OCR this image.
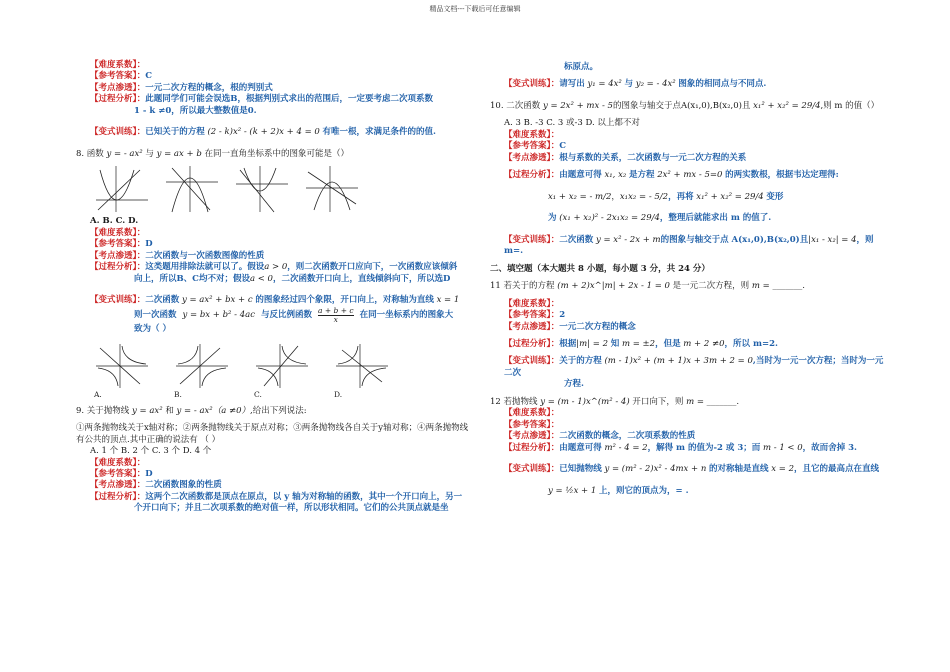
精品文档---下载后可任意编辑
【难度系数】：
【参考答案】：C
【考点渗透】：一元二次方程的概念，根的判别式
【过程分析】：此题同学们可能会误选B，根据判别式求出的范围后，一定要考虑二次项系数
1 - k ≠0，所以最大整数值是0.
【变式训练】：已知关于的方程 (2 - k)x² - (k + 2)x + 4 = 0 有唯一根，求满足条件的的值.
8. 函数 y = - ax² 与 y = ax + b 在同一直角坐标系中的图象可能是（）
A. B. C. D.
【难度系数】：
【参考答案】：D
【考点渗透】：二次函数与一次函数图像的性质
【过程分析】：这类题用排除法就可以了。假设a > 0，则二次函数开口应向下，一次函数应该倾斜
向上，所以B、C均不对；假设a < 0，二次函数开口向上，直线倾斜向下，所以选D
【变式训练】：二次函数 y = ax² + bx + c 的图象经过四个象限，开口向上，对称轴为直线 x = 1
则一次函数 y = bx + b² - 4ac 与反比例函数 a + b + c
x	在同一坐标系内的图象大
致为（ ）
A.	B.	C.	D.
9. 关于抛物线 y = ax² 和 y = - ax²（a ≠0）,给出下列说法:
①两条抛物线关于x轴对称；②两条抛物线关于原点对称；③两条抛物线各自关于y轴对称；④两条抛物线有公共的顶点.其中正确的说法有 （ ）
A. 1 个 B. 2 个 C. 3 个 D. 4 个
【难度系数】：
【参考答案】：D
【考点渗透】：二次函数图象的性质
【过程分析】：这两个二次函数都是顶点在原点，以 y 轴为对称轴的函数，其中一个开口向上，另一
个开口向下；并且二次项系数的绝对值一样，所以形状相同。它们的公共顶点就是坐
标原点。
【变式训练】：请写出 y₁ = 4x² 与 y₂ = - 4x² 图象的相同点与不同点.
10. 二次函数 y = 2x² + mx - 5的图象与轴交于点A(x₁,0),B(x₂,0)且 x₁² + x₂² = 29/4,则 m 的值（）
A. 3 B. -3 C. 3 或-3 D. 以上都不对
【难度系数】：
【参考答案】：C
【考点渗透】：根与系数的关系，二次函数与一元二次方程的关系
【过程分析】：由题意可得 x₁, x₂ 是方程 2x² + mx - 5=0 的两实数根，根据韦达定理得:
x₁ + x₂ = - m/2，x₁x₂ = - 5/2，再将 x₁² + x₂² = 29/4 变形
为 (x₁ + x₂)² - 2x₁x₂ = 29/4，整理后就能求出 m 的值了.
【变式训练】：二次函数 y = x² - 2x + m的图象与轴交于点 A(x₁,0),B(x₂,0)且|x₁ - x₂| = 4，则 m=.
二、填空题（本大题共 8 小题，每小题 3 分，共 24 分）
11 若关于的方程 (m + 2)x^|m| + 2x - 1 = 0 是一元二次方程，则 m = _______.
【难度系数】：
【参考答案】：2
【考点渗透】：一元二次方程的概念
【过程分析】：根据|m| = 2 知 m = ±2，但是 m + 2 ≠0，所以 m=2.
【变式训练】：关于的方程 (m - 1)x² + (m + 1)x + 3m + 2 = 0,当时为一元一次方程；当时为一元二次
方程.
12 若抛物线 y = (m - 1)x^(m² - 4) 开口向下，则 m = _______.
【难度系数】：
【参考答案】：
【考点渗透】：二次函数的概念，二次项系数的性质
【过程分析】：由题意可得 m² - 4 = 2，解得 m 的值为-2 或 3；而 m - 1 < 0，故而舍掉 3.
【变式训练】：已知抛物线 y = (m² - 2)x² - 4mx + n 的对称轴是直线 x = 2，且它的最高点在直线
y = ½x + 1 上，则它的顶点为，= .
